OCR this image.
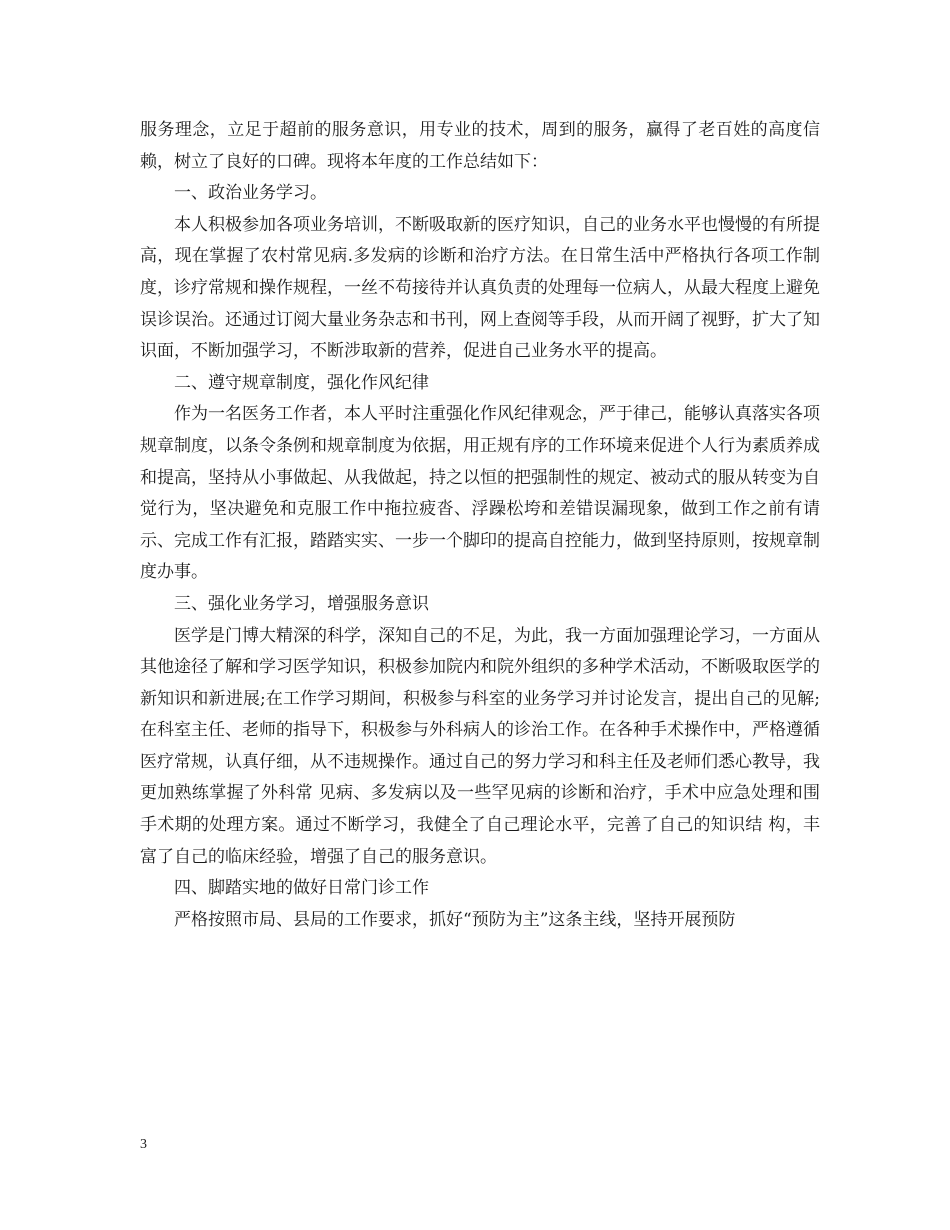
服务理念，立足于超前的服务意识，用专业的技术，周到的服务，赢得了老百姓的高度信赖，树立了良好的口碑。现将本年度的工作总结如下：

一、政治业务学习。

本人积极参加各项业务培训，不断吸取新的医疗知识，自己的业务水平也慢慢的有所提高，现在掌握了农村常见病.多发病的诊断和治疗方法。在日常生活中严格执行各项工作制度，诊疗常规和操作规程，一丝不苟接待并认真负责的处理每一位病人，从最大程度上避免误诊误治。还通过订阅大量业务杂志和书刊，网上查阅等手段，从而开阔了视野，扩大了知识面，不断加强学习，不断涉取新的营养，促进自己业务水平的提高。

二、遵守规章制度，强化作风纪律

作为一名医务工作者，本人平时注重强化作风纪律观念，严于律己，能够认真落实各项规章制度，以条令条例和规章制度为依据，用正规有序的工作环境来促进个人行为素质养成和提高，坚持从小事做起、从我做起，持之以恒的把强制性的规定、被动式的服从转变为自觉行为，坚决避免和克服工作中拖拉疲沓、浮躁松垮和差错误漏现象，做到工作之前有请示、完成工作有汇报，踏踏实实、一步一个脚印的提高自控能力，做到坚持原则，按规章制度办事。

三、强化业务学习，增强服务意识

医学是门博大精深的科学，深知自己的不足，为此，我一方面加强理论学习，一方面从其他途径了解和学习医学知识，积极参加院内和院外组织的多种学术活动，不断吸取医学的新知识和新进展;在工作学习期间，积极参与科室的业务学习并讨论发言，提出自己的见解;在科室主任、老师的指导下，积极参与外科病人的诊治工作。在各种手术操作中，严格遵循医疗常规，认真仔细，从不违规操作。通过自己的努力学习和科主任及老师们悉心教导，我更加熟练掌握了外科常 见病、多发病以及一些罕见病的诊断和治疗，手术中应急处理和围手术期的处理方案。通过不断学习，我健全了自己理论水平，完善了自己的知识结 构，丰富了自己的临床经验，增强了自己的服务意识。

四、脚踏实地的做好日常门诊工作

严格按照市局、县局的工作要求，抓好“预防为主”这条主线，坚持开展预防

3
